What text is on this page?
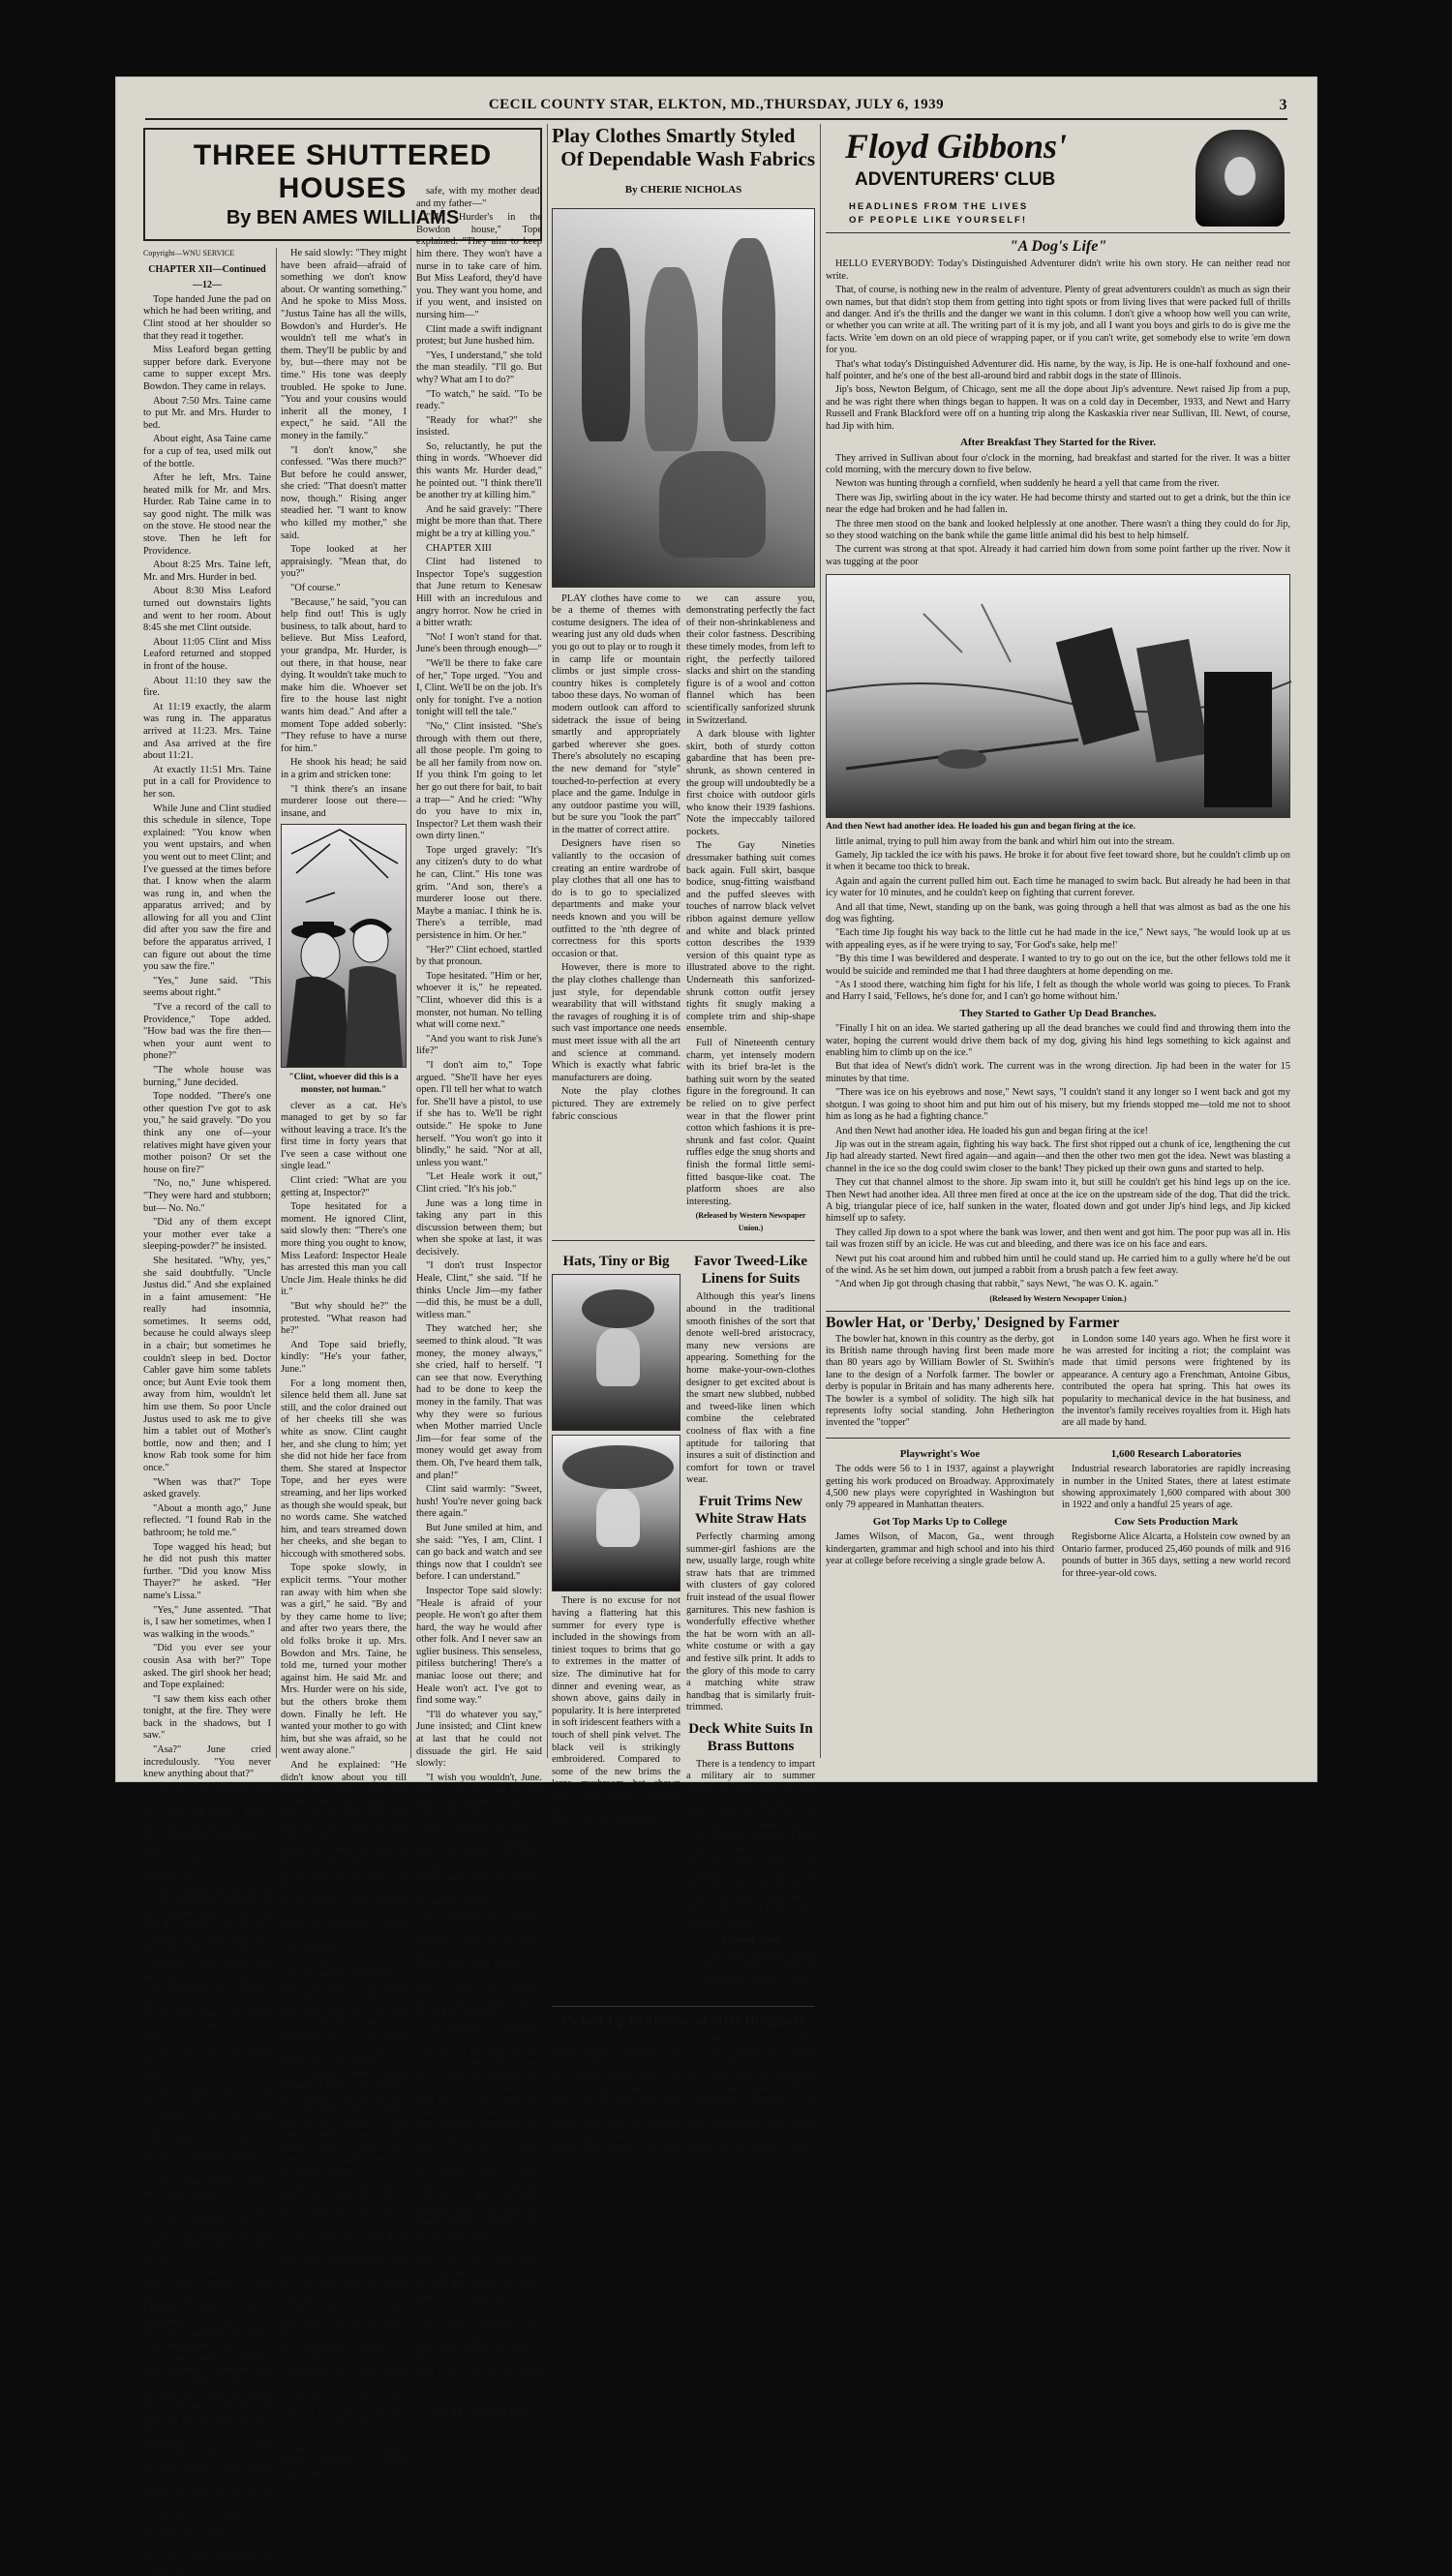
CECIL COUNTY STAR, ELKTON, MD.,THURSDAY, JULY 6, 1939	3
THREE SHUTTERED HOUSES
By BEN AMES WILLIAMS
Copyright—WNU SERVICE
CHAPTER XII—Continued
—12—

Tope handed June the pad on which he had been writing, and Clint stood at her shoulder so that they read it together.

Miss Leaford began getting supper before dark. Everyone came to supper except Mrs. Bowdon. They came in relays.

About 7:50 Mrs. Taine came to put Mr. and Mrs. Hurder to bed.

About eight, Asa Taine came for a cup of tea, used milk out of the bottle.

After he left, Mrs. Taine heated milk for Mr. and Mrs. Hurder. Rab Taine came in to say good night. The milk was on the stove. He stood near the stove. Then he left for Providence.

About 8:25 Mrs. Taine left, Mr. and Mrs. Hurder in bed.

About 8:30 Miss Leaford turned out downstairs lights and went to her room. About 8:45 she met Clint outside.

About 11:05 Clint and Miss Leaford returned and stopped in front of the house.

About 11:10 they saw the fire.

At 11:19 exactly, the alarm was rung in. The apparatus arrived at 11:23. Mrs. Taine and Asa arrived at the fire about 11:21.

At exactly 11:51 Mrs. Taine put in a call for Providence to her son.

While June and Clint studied this schedule in silence, Tope explained: "You know when you went upstairs, and when you went out to meet Clint; and I've guessed at the times before that. I know when the alarm was rung in, and when the apparatus arrived; and by allowing for all you and Clint did after you saw the fire and before the apparatus arrived, I can figure out about the time you saw the fire."

"Yes," June said. "This seems about right."

"I've a record of the call to Providence," Tope added. "How bad was the fire then—when your aunt went to phone?"

"The whole house was burning," June decided.

Tope nodded. "There's one other question I've got to ask you," he said gravely. "Do you think any one of—your relatives might have given your mother poison? Or set the house on fire?"

"No, no," June whispered. "They were hard and stubborn; but— No. No."

"Did any of them except your mother ever take a sleeping-powder?" he insisted.

She hesitated. "Why, yes," she said doubtfully. "Uncle Justus did." And she explained in a faint amusement: "He really had insomnia, sometimes. It seems odd, because he could always sleep in a chair; but sometimes he couldn't sleep in bed. Doctor Cabler gave him some tablets once; but Aunt Evie took them away from him, wouldn't let him use them. So poor Uncle Justus used to ask me to give him a tablet out of Mother's bottle, now and then; and I know Rab took some for him once."

"When was that?" Tope asked gravely.

"About a month ago," June reflected. "I found Rab in the bathroom; he told me."

Tope wagged his head; but he did not push this matter further. "Did you know Miss Thayer?" he asked. "Her name's Lissa."

"Yes," June assented. "That is, I saw her sometimes, when I was walking in the woods."

"Did you ever see your cousin Asa with her?" Tope asked. The girl shook her head; and Tope explained:

"I saw them kiss each other tonight, at the fire. They were back in the shadows, but I saw."

"Asa?" June cried incredulously. "You never knew anything about that?"

"Oh, no," she declared. "But if Asa loved her, he wouldn't have dared tell anyone. They'd have been furious. Aunt Evie, and Grandma Bowdon, I mean."

"You think so?" Tope prompted her.

"Yes! Mother used to tell me—" She hesitated, went bravely on: "Mother used to tell me that if I married without their consent, they would crush me. They did crush her, you know."

Inspector Tope nodded; and he picked his words with care. "You remember Mr. Glovere, who lived in the cabin in the woods—the man you called Uncle Jim. You liked him, didn't you?"

"Yes," she said. "So much. He went away, after Mother died."

"He's come back," the Inspector said.

"Where is he?" she cried eagerly.

Tope hesitated, he confessed at last: "Inspector Heale is holding him."

"You mean—arrested him?" Her cheek was pale.

"Heale thought he might have had something to do—"

"Oh," she protested in loyal pride. "Uncle Jim wouldn't. No, no."

"He came back at noon today," Tope explained. "Came back asking for you . . . Miss Leaford, I used to be a policeman. I'm trying to find out what happened out there. You understand that we are sure your mother, somehow, was poisoned. Someone put some extra tablets in that glass of milk she drank. It might have been done while the milk was still in the bottle, in Mrs. Bowdon's refrigerator. Or afterward in your grandmother's kitchen, or on the way upstairs, or after it was taken upstairs. And anyone might have done it. Anyone at all."

The girl was trembling, but her eyes were steady.

And when he did not speak, she cried: "Why should they do a thing like that?"

He said slowly: "They might have been afraid—afraid of something we don't know about. Or wanting something." And he spoke to Miss Moss. "Justus Taine has all the wills, Bowdon's and Hurder's. He wouldn't tell me what's in them. They'll be public by and by, but—there may not be time." His tone was deeply troubled. He spoke to June. "You and your cousins would inherit all the money, I expect," he said. "All the money in the family."

"I don't know," she confessed. "Was there much?" But before he could answer, she cried: "That doesn't matter now, though." Rising anger steadied her. "I want to know who killed my mother," she said.

Tope looked at her appraisingly. "Mean that, do you?"

"Of course."

"Because," he said, "you can help find out! This is ugly business, to talk about, hard to believe. But Miss Leaford, your grandpa, Mr. Hurder, is out there, in that house, near dying. It wouldn't take much to make him die. Whoever set fire to the house last night wants him dead." And after a moment Tope added soberly: "They refuse to have a nurse for him."

He shook his head; he said in a grim and stricken tone:

"I think there's an insane murderer loose out there—insane, and

"Clint, whoever did this is a monster, not human."

clever as a cat. He's managed to get by so far without leaving a trace. It's the first time in forty years that I've seen a case without one single lead."

Clint cried: "What are you getting at, Inspector?"

Tope hesitated for a moment. He ignored Clint, said slowly then: "There's one more thing you ought to know, Miss Leaford: Inspector Heale has arrested this man you call Uncle Jim. Heale thinks he did it."

"But why should he?" the protested. "What reason had he?"

And Tope said briefly, kindly: "He's your father, June."

For a long moment then, silence held them all. June sat still, and the color drained out of her cheeks till she was white as snow. Clint caught her, and she clung to him; yet she did not hide her face from them. She stared at Inspector Tope, and her eyes were streaming, and her lips worked as though she would speak, but no words came. She watched him, and tears streamed down her cheeks, and she began to hiccough with smothered sobs.

Tope spoke slowly, in explicit terms. "Your mother ran away with him when she was a girl," he said. "By and by they came home to live; and after two years there, the old folks broke it up. Mrs. Bowdon and Mrs. Taine, he told me, turned your mother against him. He said Mr. and Mrs. Hurder were on his side, but the others broke them down. Finally he left. He wanted your mother to go with him, but she was afraid, so he went away alone."

And he explained: "He didn't know about you till afterward, years afterward. When you were about ten years old, he came back and met you in the woods, and you told him who you were. So he stayed, to be near you, lived in the cabin there. They wanted to put him off the land; but there wasn't any divorce, and he threatened to make trouble unless they let him stay. He didn't ask anything of them except to be near you, to see you sometimes."

He looked at Miss Moss, sure she would understand. "I guess he still loved Kitty Leaford," he said. "When she died, it hit him hard. He went away; but he came back yesterday, says he was asleep in his cabin all last night. So Heale has locked him up."

"It would seem simple enough to Heale," she pointed out. "Heale will say that Mr. Leaford killed Mrs. Leaford and then the Hurders, so that June would inherit their money. Then he could claim June as his daughter, and get her and the money too."

June moved, about to speak; and Clint held her close, protectingly. She said faintly:

"I can remember once, when I was a little girl, Aunt Evie tried to make me stay away from him, and I told him, and he came to the house to see her, and after that she never bothered me . . ."

"But he didn't do this!" She rubbed her eyes with her hands like one just waking; she stood up, supporting herself by Clint's arm. "Oh, I want to do something!" she cried. "What can I do?"

The Inspector said soberly: "This, if you want to," he said. "I know it's not safe for you—"

"Safe!" she exclaimed almost scornfully. "I don't want to be

safe, with my mother dead, and my father—"

"Mr. Hurder's in the Bowdon house," Tope explained. "They aim to keep him there. They won't have a nurse in to take care of him. But Miss Leaford, they'd have you. They want you home, and if you went, and insisted on nursing him—"

Clint made a swift indignant protest; but June hushed him.

"Yes, I understand," she told the man steadily. "I'll go. But why? What am I to do?"

"To watch," he said. "To be ready."

"Ready for what?" she insisted.

So, reluctantly, he put the thing in words. "Whoever did this wants Mr. Hurder dead," he pointed out. "I think there'll be another try at killing him."

And he said gravely: "There might be more than that. There might be a try at killing you."

CHAPTER XIII

Clint had listened to Inspector Tope's suggestion that June return to Kenesaw Hill with an incredulous and angry horror. Now he cried in a bitter wrath:

"No! I won't stand for that. June's been through enough—"

"We'll be there to fake care of her," Tope urged. "You and I, Clint. We'll be on the job. It's only for tonight. I've a notion tonight will tell the tale."

"No," Clint insisted. "She's through with them out there, all those people. I'm going to be all her family from now on. If you think I'm going to let her go out there for bait, to bait a trap—" And he cried: "Why do you have to mix in, Inspector? Let them wash their own dirty linen."

Tope urged gravely: "It's any citizen's duty to do what he can, Clint." His tone was grim. "And son, there's a murderer loose out there. Maybe a maniac. I think he is. There's a terrible, mad persistence in him. Or her."

"Her?" Clint echoed, startled by that pronoun.

Tope hesitated. "Him or her, whoever it is," he repeated. "Clint, whoever did this is a monster, not human. No telling what will come next."

"And you want to risk June's life?"

"I don't aim to," Tope argued. "She'll have her eyes open. I'll tell her what to watch for. She'll have a pistol, to use if she has to. We'll be right outside." He spoke to June herself. "You won't go into it blindly," he said. "Nor at all, unless you want."

"Let Heale work it out," Clint cried. "It's his job."

June was a long time in taking any part in this discussion between them; but when she spoke at last, it was decisively.

"I don't trust Inspector Heale, Clint," she said. "If he thinks Uncle Jim—my father—did this, he must be a dull, witless man."

They watched her; she seemed to think aloud. "It was money, the money always," she cried, half to herself. "I can see that now. Everything had to be done to keep the money in the family. That was why they were so furious when Mother married Uncle Jim—for fear some of the money would get away from them. Oh, I've heard them talk, and plan!"

Clint said warmly: "Sweet, hush! You're never going back there again."

But June smiled at him, and she said: "Yes, I am, Clint. I can go back and watch and see things now that I couldn't see before. I can understand."

Inspector Tope said slowly: "Heale is afraid of your people. He won't go after them hard, the way he would after other folk. And I never saw an uglier business. This senseless, pitiless butchering! There's a maniac loose out there; and Heale won't act. I've got to find some way."

"I'll do whatever you say," June insisted; and Clint knew at last that he could not dissuade the girl. He said slowly:

"I wish you wouldn't, June. But —I can see, can feel the same way. Inspector, what do you mean to do?"

Tope considered, his eyes on the floor, his head wagging. "I think the thing will ripen tonight," he confessed. "If it seems sure that Mr. Hurder will live, the murderer will try to end him tonight."

He watched June intently. "And maybe you too! I'm guessing at this; but I'm a good guesser. Some one out there is money-crazy. Mr. Hurder is a rich man; and someone out there wants that money. Maybe wants it quick. Maybe has to have it quick."

"I'm guessing," he repeated. "Justus Taine wouldn't tell me what was in the wills. But my guess is that the Hurder money is in a trust to separate Mrs. Leaford—but she's dead—and then for you, Miss Taine, and Rab. With trustees. Maybe Taine himself. Maybe his sons. It doesn't matter—wouldn't help us any if we knew, because they're all in the same pot together. But it comes down to it that you're the only one left in the way, Miss Leaford. With you dead, the Hurder money's bound to stay in the Taine family."

June nodded. "Yes," she said. "Yes, they could make Grandpa Hurder write his will the way they wanted it. They'd leave him no peace till he did."

"So there it is," Tope agreed, with a grim simplicity. "The money waiting, ready to run into their pockets as soon as Mr. Hurder dies. You're the last dam in the way, the last thing to stop it. They'll be after you."

"I'm not afraid!" said June.

(TO BE CONTINUED)
Play Clothes Smartly Styled
Of Dependable Wash Fabrics
By CHERIE NICHOLAS

PLAY clothes have come to be a theme of themes with costume designers. The idea of wearing just any old duds when you go out to play or to rough it in camp life or mountain climbs or just simple cross-country hikes is completely taboo these days. No woman of modern outlook can afford to sidetrack the issue of being smartly and appropriately garbed wherever she goes. There's absolutely no escaping the new demand for "style" touched-to-perfection at every place and the game. Indulge in any outdoor pastime you will, but be sure you "look the part" in the matter of correct attire.

Designers have risen so valiantly to the occasion of creating an entire wardrobe of play clothes that all one has to do is to go to specialized departments and make your needs known and you will be outfitted to the 'nth degree of correctness for this sports occasion or that.

However, there is more to the play clothes challenge than just style, for dependable wearability that will withstand the ravages of roughing it is of such vast importance one needs must meet issue with all the art and science at command. Which is exactly what fabric manufacturers are doing.

Note the play clothes pictured. They are extremely fabric conscious

we can assure you, demonstrating perfectly the fact of their non-shrinkableness and their color fastness. Describing these timely modes, from left to right, the perfectly tailored slacks and shirt on the standing figure is of a wool and cotton flannel which has been scientifically sanforized shrunk in Switzerland.

A dark blouse with lighter skirt, both of sturdy cotton gabardine that has been pre-shrunk, as shown centered in the group will undoubtedly be a first choice with outdoor girls who know their 1939 fashions. Note the impeccably tailored pockets.

The Gay Nineties dressmaker bathing suit comes back again. Full skirt, basque bodice, snug-fitting waistband and the puffed sleeves with touches of narrow black velvet ribbon against demure yellow and white and black printed cotton describes the 1939 version of this quaint type as illustrated above to the right. Underneath this sanforized-shrunk cotton outfit jersey tights fit snugly making a complete trim and ship-shape ensemble.

Full of Nineteenth century charm, yet intensely modern with its brief bra-let is the bathing suit worn by the seated figure in the foreground. It can be relied on to give perfect wear in that the flower print cotton which fashions it is pre-shrunk and fast color. Quaint ruffles edge the snug shorts and finish the formal little semi-fitted basque-like coat. The platform shoes are also interesting.

(Released by Western Newspaper Union.)
Hats, Tiny or Big

There is no excuse for not having a flattering hat this summer for every type is included in the showings from tiniest toques to brims that go to extremes in the matter of size. The diminutive hat for dinner and evening wear, as shown above, gains daily in popularity. It is here interpreted in soft iridescent feathers with a touch of shell pink velvet. The black veil is strikingly embroidered. Compared to some of the new brims the large mushroom hat shown here of black Milan is in reality quite conservative. There's no limit as to brim dimensions.

Favor Tweed-Like Linens for Suits

Although this year's linens abound in the traditional smooth finishes of the sort that denote well-bred aristocracy, many new versions are appearing. Something for the home make-your-own-clothes designer to get excited about is the smart new slubbed, nubbed and tweed-like linen which combine the celebrated coolness of flax with a fine aptitude for tailoring that insures a suit of distinction and comfort for town or travel wear.

Fruit Trims New White Straw Hats

Perfectly charming among summer-girl fashions are the new, usually large, rough white straw hats that are trimmed with clusters of gay colored fruit instead of the usual flower garnitures. This new fashion is wonderfully effective whether the hat be worn with an all-white costume or with a gay and festive silk print. It adds to the glory of this mode to carry a matching white straw handbag that is similarly fruit-trimmed.

Deck White Suits In Brass Buttons

There is a tendency to impart a military air to summer dresses and suits made of white sharkskin or white gossamer sheer wool by the use of handsome brass buttons, and in some instances epaulets of gold braid have been added. The fad for all white with gold trimming is also carried out in that gold kid belts are being worn with classic white dresses the draping of which takes on a sculptural beauty.

Fishnet Trim

A New York designer, on the search for something different to distinguish summer clothes, has turned to fishnet.

Picked Up in Studios of Style Designers

Even the lowly ticking is going slightly high-hat. The suede jacket has come out of the strictly sports class. All kinds of sleight of hand fashion tricks can be done with sport clothes. The Dutch influence which began with the blue and white Dutch boy suits has spread into patterns for print fabrics.

Of interest in hosiery styles, is a new interest in colorful types. In the fabric choice for new dress coats the designers are showing originality. Those comfortable huaraches, or straw woven sandals, are in the shoe departments again. You'll be calm, cool and collected this summer if you happen to fancy any of the net blouses.

Floyd Gibbons'
ADVENTURERS' CLUB
HEADLINES FROM THE LIVES
OF PEOPLE LIKE YOURSELF!
"A Dog's Life"

HELLO EVERYBODY: Today's Distinguished Adventurer didn't write his own story. He can neither read nor write.

That, of course, is nothing new in the realm of adventure. Plenty of great adventurers couldn't as much as sign their own names, but that didn't stop them from getting into tight spots or from living lives that were packed full of thrills and danger. And it's the thrills and the danger we want in this column. I don't give a whoop how well you can write, or whether you can write at all. The writing part of it is my job, and all I want you boys and girls to do is give me the facts. Write 'em down on an old piece of wrapping paper, or if you can't write, get somebody else to write 'em down for you.

That's what today's Distinguished Adventurer did. His name, by the way, is Jip. He is one-half foxhound and one-half pointer, and he's one of the best all-around bird and rabbit dogs in the state of Illinois.

Jip's boss, Newton Belgum, of Chicago, sent me all the dope about Jip's adventure. Newt raised Jip from a pup, and he was right there when things began to happen. It was on a cold day in December, 1933, and Newt and Harry Russell and Frank Blackford were off on a hunting trip along the Kaskaskia river near Sullivan, Ill. Newt, of course, had Jip with him.

After Breakfast They Started for the River.

They arrived in Sullivan about four o'clock in the morning, had breakfast and started for the river. It was a bitter cold morning, with the mercury down to five below.

Newton was hunting through a cornfield, when suddenly he heard a yell that came from the river.

There was Jip, swirling about in the icy water. He had become thirsty and started out to get a drink, but the thin ice near the edge had broken and he had fallen in.

The three men stood on the bank and looked helplessly at one another. There wasn't a thing they could do for Jip, so they stood watching on the bank while the game little animal did his best to help himself.

The current was strong at that spot. Already it had carried him down from some point farther up the river. Now it was tugging at the poor

And then Newt had another idea. He loaded his gun and began firing at the ice.

little animal, trying to pull him away from the bank and whirl him out into the stream.

Gamely, Jip tackled the ice with his paws. He broke it for about five feet toward shore, but he couldn't climb up on it when it became too thick to break.

Again and again the current pulled him out. Each time he managed to swim back. But already he had been in that icy water for 10 minutes, and he couldn't keep on fighting that current forever.

And all that time, Newt, standing up on the bank, was going through a hell that was almost as bad as the one his dog was fighting.

"Each time Jip fought his way back to the little cut he had made in the ice," Newt says, "he would look up at us with appealing eyes, as if he were trying to say, 'For God's sake, help me!'

"By this time I was bewildered and desperate. I wanted to try to go out on the ice, but the other fellows told me it would be suicide and reminded me that I had three daughters at home depending on me.

"As I stood there, watching him fight for his life, I felt as though the whole world was going to pieces. To Frank and Harry I said, 'Fellows, he's done for, and I can't go home without him.'

They Started to Gather Up Dead Branches.

"Finally I hit on an idea. We started gathering up all the dead branches we could find and throwing them into the water, hoping the current would drive them back of my dog, giving his hind legs something to kick against and enabling him to climb up on the ice."

But that idea of Newt's didn't work. The current was in the wrong direction. Jip had been in the water for 15 minutes by that time.

"There was ice on his eyebrows and nose," Newt says, "I couldn't stand it any longer so I went back and got my shotgun. I was going to shoot him and put him out of his misery, but my friends stopped me—told me not to shoot him as long as he had a fighting chance."

And then Newt had another idea. He loaded his gun and began firing at the ice!

Jip was out in the stream again, fighting his way back. The first shot ripped out a chunk of ice, lengthening the cut Jip had already started. Newt fired again—and again—and then the other two men got the idea. Newt was blasting a channel in the ice so the dog could swim closer to the bank! They picked up their own guns and started to help.

They cut that channel almost to the shore. Jip swam into it, but still he couldn't get his hind legs up on the ice. Then Newt had another idea. All three men fired at once at the ice on the upstream side of the dog. That did the trick. A big, triangular piece of ice, half sunken in the water, floated down and got under Jip's hind legs, and Jip kicked himself up to safety.

They called Jip down to a spot where the bank was lower, and then went and got him. The poor pup was all in. His tail was frozen stiff by an icicle. He was cut and bleeding, and there was ice on his face and ears.

Newt put his coat around him and rubbed him until he could stand up. He carried him to a gully where he'd be out of the wind. As he set him down, out jumped a rabbit from a brush patch a few feet away.

"And when Jip got through chasing that rabbit," says Newt, "he was O. K. again."

(Released by Western Newspaper Union.)
Bowler Hat, or 'Derby,' Designed by Farmer

The bowler hat, known in this country as the derby, got its British name through having first been made more than 80 years ago by William Bowler of St. Swithin's lane to the design of a Norfolk farmer. The bowler or derby is popular in Britain and has many adherents here. The bowler is a symbol of solidity. The high silk hat represents lofty social standing. John Hetherington invented the "topper"

in London some 140 years ago. When he first wore it he was arrested for inciting a riot; the complaint was made that timid persons were frightened by its appearance. A century ago a Frenchman, Antoine Gibus, contributed the opera hat spring. This hat owes its popularity to mechanical device in the hat business, and the inventor's family receives royalties from it. High hats are all made by hand.

Playwright's Woe

The odds were 56 to 1 in 1937, against a playwright getting his work produced on Broadway. Approximately 4,500 new plays were copyrighted in Washington but only 79 appeared in Manhattan theaters.

Got Top Marks Up to College

James Wilson, of Macon, Ga., went through kindergarten, grammar and high school and into his third year at college before receiving a single grade below A.

1,600 Research Laboratories

Industrial research laboratories are rapidly increasing in number in the United States, there at latest estimate showing approximately 1,600 compared with about 300 in 1922 and only a handful 25 years of age.

Cow Sets Production Mark

Regisborne Alice Alcarta, a Holstein cow owned by an Ontario farmer, produced 25,460 pounds of milk and 916 pounds of butter in 365 days, setting a new world record for three-year-old cows.
